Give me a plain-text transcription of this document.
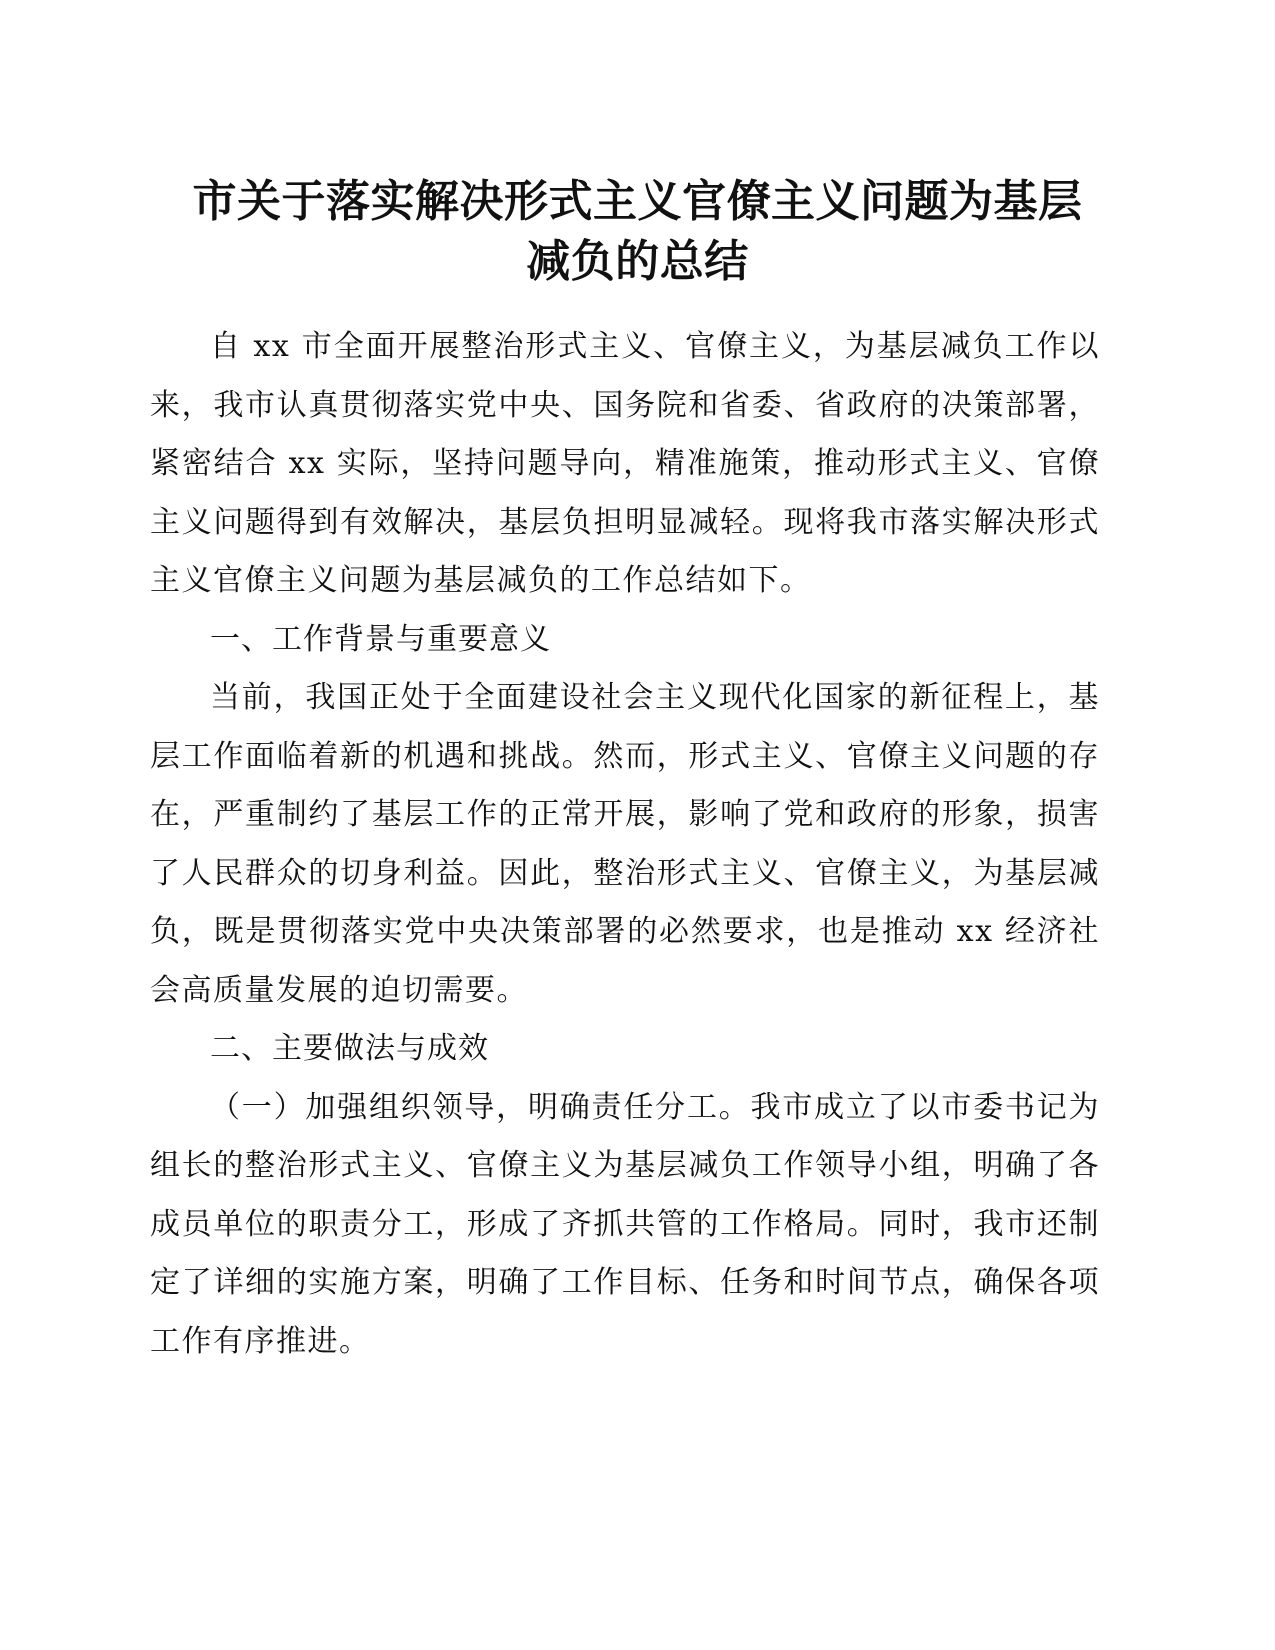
市关于落实解决形式主义官僚主义问题为基层
减负的总结

自 xx 市全面开展整治形式主义、官僚主义，为基层减负工作以来，我市认真贯彻落实党中央、国务院和省委、省政府的决策部署，紧密结合 xx 实际，坚持问题导向，精准施策，推动形式主义、官僚主义问题得到有效解决，基层负担明显减轻。现将我市落实解决形式主义官僚主义问题为基层减负的工作总结如下。

一、工作背景与重要意义

当前，我国正处于全面建设社会主义现代化国家的新征程上，基层工作面临着新的机遇和挑战。然而，形式主义、官僚主义问题的存在，严重制约了基层工作的正常开展，影响了党和政府的形象，损害了人民群众的切身利益。因此，整治形式主义、官僚主义，为基层减负，既是贯彻落实党中央决策部署的必然要求，也是推动 xx 经济社会高质量发展的迫切需要。

二、主要做法与成效

（一）加强组织领导，明确责任分工。我市成立了以市委书记为组长的整治形式主义、官僚主义为基层减负工作领导小组，明确了各成员单位的职责分工，形成了齐抓共管的工作格局。同时，我市还制定了详细的实施方案，明确了工作目标、任务和时间节点，确保各项工作有序推进。
